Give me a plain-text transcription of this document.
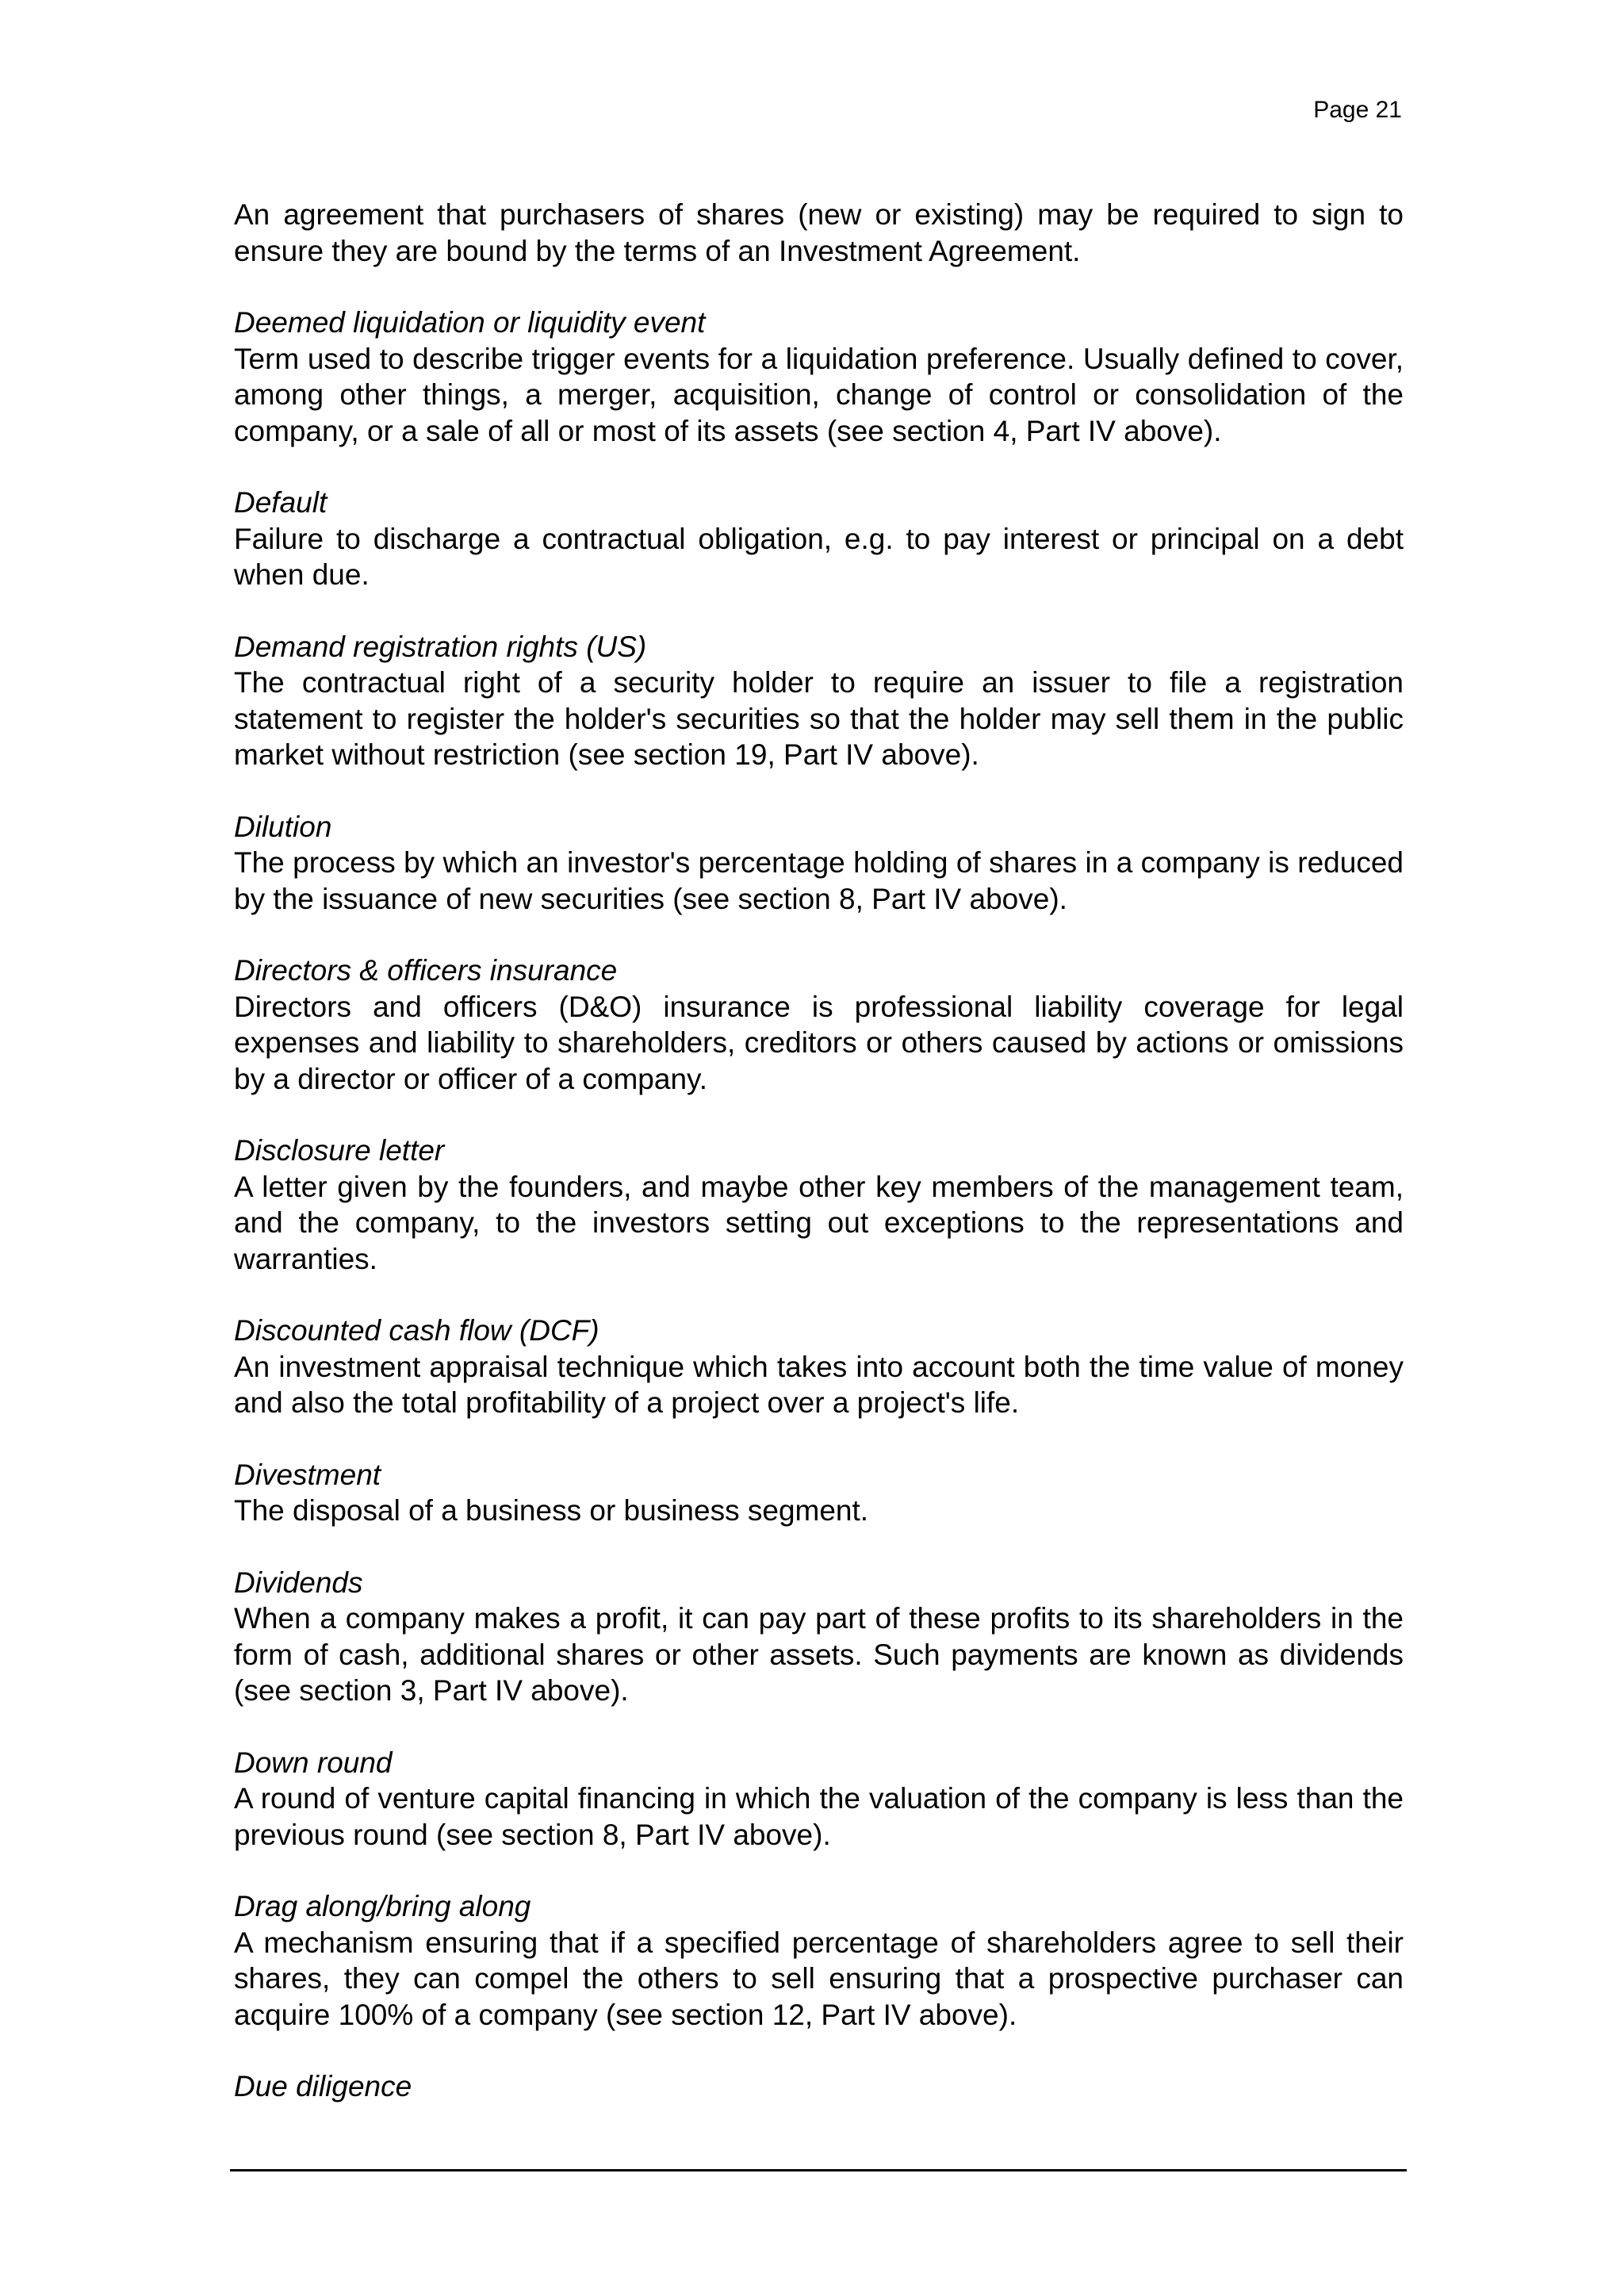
Page 21

An agreement that purchasers of shares (new or existing) may be required to sign to ensure they are bound by the terms of an Investment Agreement.

Deemed liquidation or liquidity event

Term used to describe trigger events for a liquidation preference. Usually defined to cover, among other things, a merger, acquisition, change of control or consolidation of the company, or a sale of all or most of its assets (see section 4, Part IV above).

Default

Failure to discharge a contractual obligation, e.g. to pay interest or principal on a debt when due.

Demand registration rights (US)

The contractual right of a security holder to require an issuer to file a registration statement to register the holder's securities so that the holder may sell them in the public market without restriction (see section 19, Part IV above).

Dilution

The process by which an investor's percentage holding of shares in a company is reduced by the issuance of new securities (see section 8, Part IV above).

Directors & officers insurance

Directors and officers (D&O) insurance is professional liability coverage for legal expenses and liability to shareholders, creditors or others caused by actions or omissions by a director or officer of a company.

Disclosure letter

A letter given by the founders, and maybe other key members of the management team, and the company, to the investors setting out exceptions to the representations and warranties.

Discounted cash flow (DCF)

An investment appraisal technique which takes into account both the time value of money and also the total profitability of a project over a project's life.

Divestment

The disposal of a business or business segment.

Dividends

When a company makes a profit, it can pay part of these profits to its shareholders in the form of cash, additional shares or other assets. Such payments are known as dividends (see section 3, Part IV above).

Down round

A round of venture capital financing in which the valuation of the company is less than the previous round (see section 8, Part IV above).

Drag along/bring along

A mechanism ensuring that if a specified percentage of shareholders agree to sell their shares, they can compel the others to sell ensuring that a prospective purchaser can acquire 100% of a company (see section 12, Part IV above).

Due diligence
